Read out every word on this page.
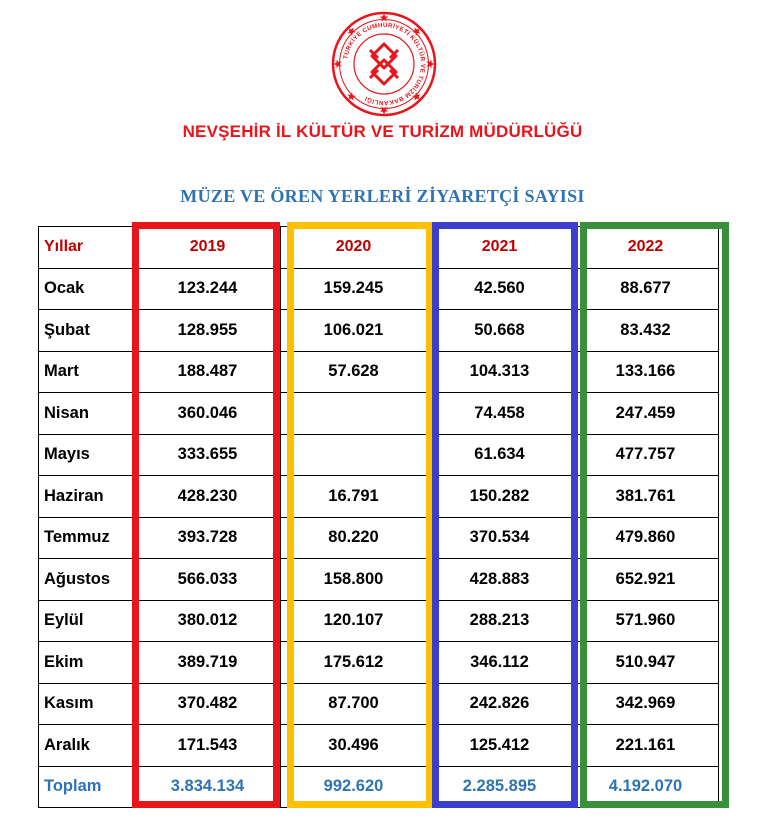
TÜRKİYE CUMHURİYETİ KÜLTÜR VE TURİZM BAKANLIĞI
NEVŞEHİR İL KÜLTÜR VE TURİZM MÜDÜRLÜĞÜ
MÜZE VE ÖREN YERLERİ ZİYARETÇİ SAYISI
Yıllar	2019	2020	2021	2022
Ocak	123.244	159.245	42.560	88.677
Şubat	128.955	106.021	50.668	83.432
Mart	188.487	57.628	104.313	133.166
Nisan	360.046		74.458	247.459
Mayıs	333.655		61.634	477.757
Haziran	428.230	16.791	150.282	381.761
Temmuz	393.728	80.220	370.534	479.860
Ağustos	566.033	158.800	428.883	652.921
Eylül	380.012	120.107	288.213	571.960
Ekim	389.719	175.612	346.112	510.947
Kasım	370.482	87.700	242.826	342.969
Aralık	171.543	30.496	125.412	221.161
Toplam	3.834.134	992.620	2.285.895	4.192.070
